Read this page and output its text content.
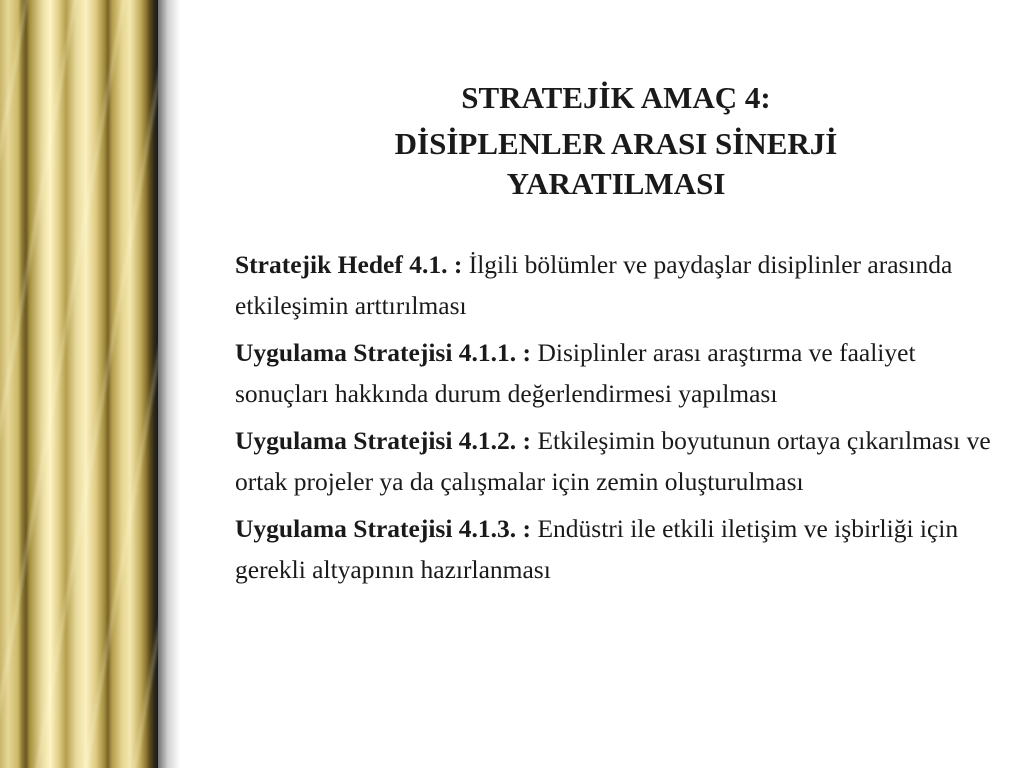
STRATEJİK AMAÇ 4:
DİSİPLENLER ARASI SİNERJİ
YARATILMASI

Stratejik Hedef 4.1. : İlgili bölümler ve paydaşlar disiplinler arasında etkileşimin arttırılması

Uygulama Stratejisi 4.1.1. : Disiplinler arası araştırma ve faaliyet sonuçları hakkında durum değerlendirmesi yapılması

Uygulama Stratejisi 4.1.2. : Etkileşimin boyutunun ortaya çıkarılması ve ortak projeler ya da çalışmalar için zemin oluşturulması

Uygulama Stratejisi 4.1.3. : Endüstri ile etkili iletişim ve işbirliği için gerekli altyapının hazırlanması
